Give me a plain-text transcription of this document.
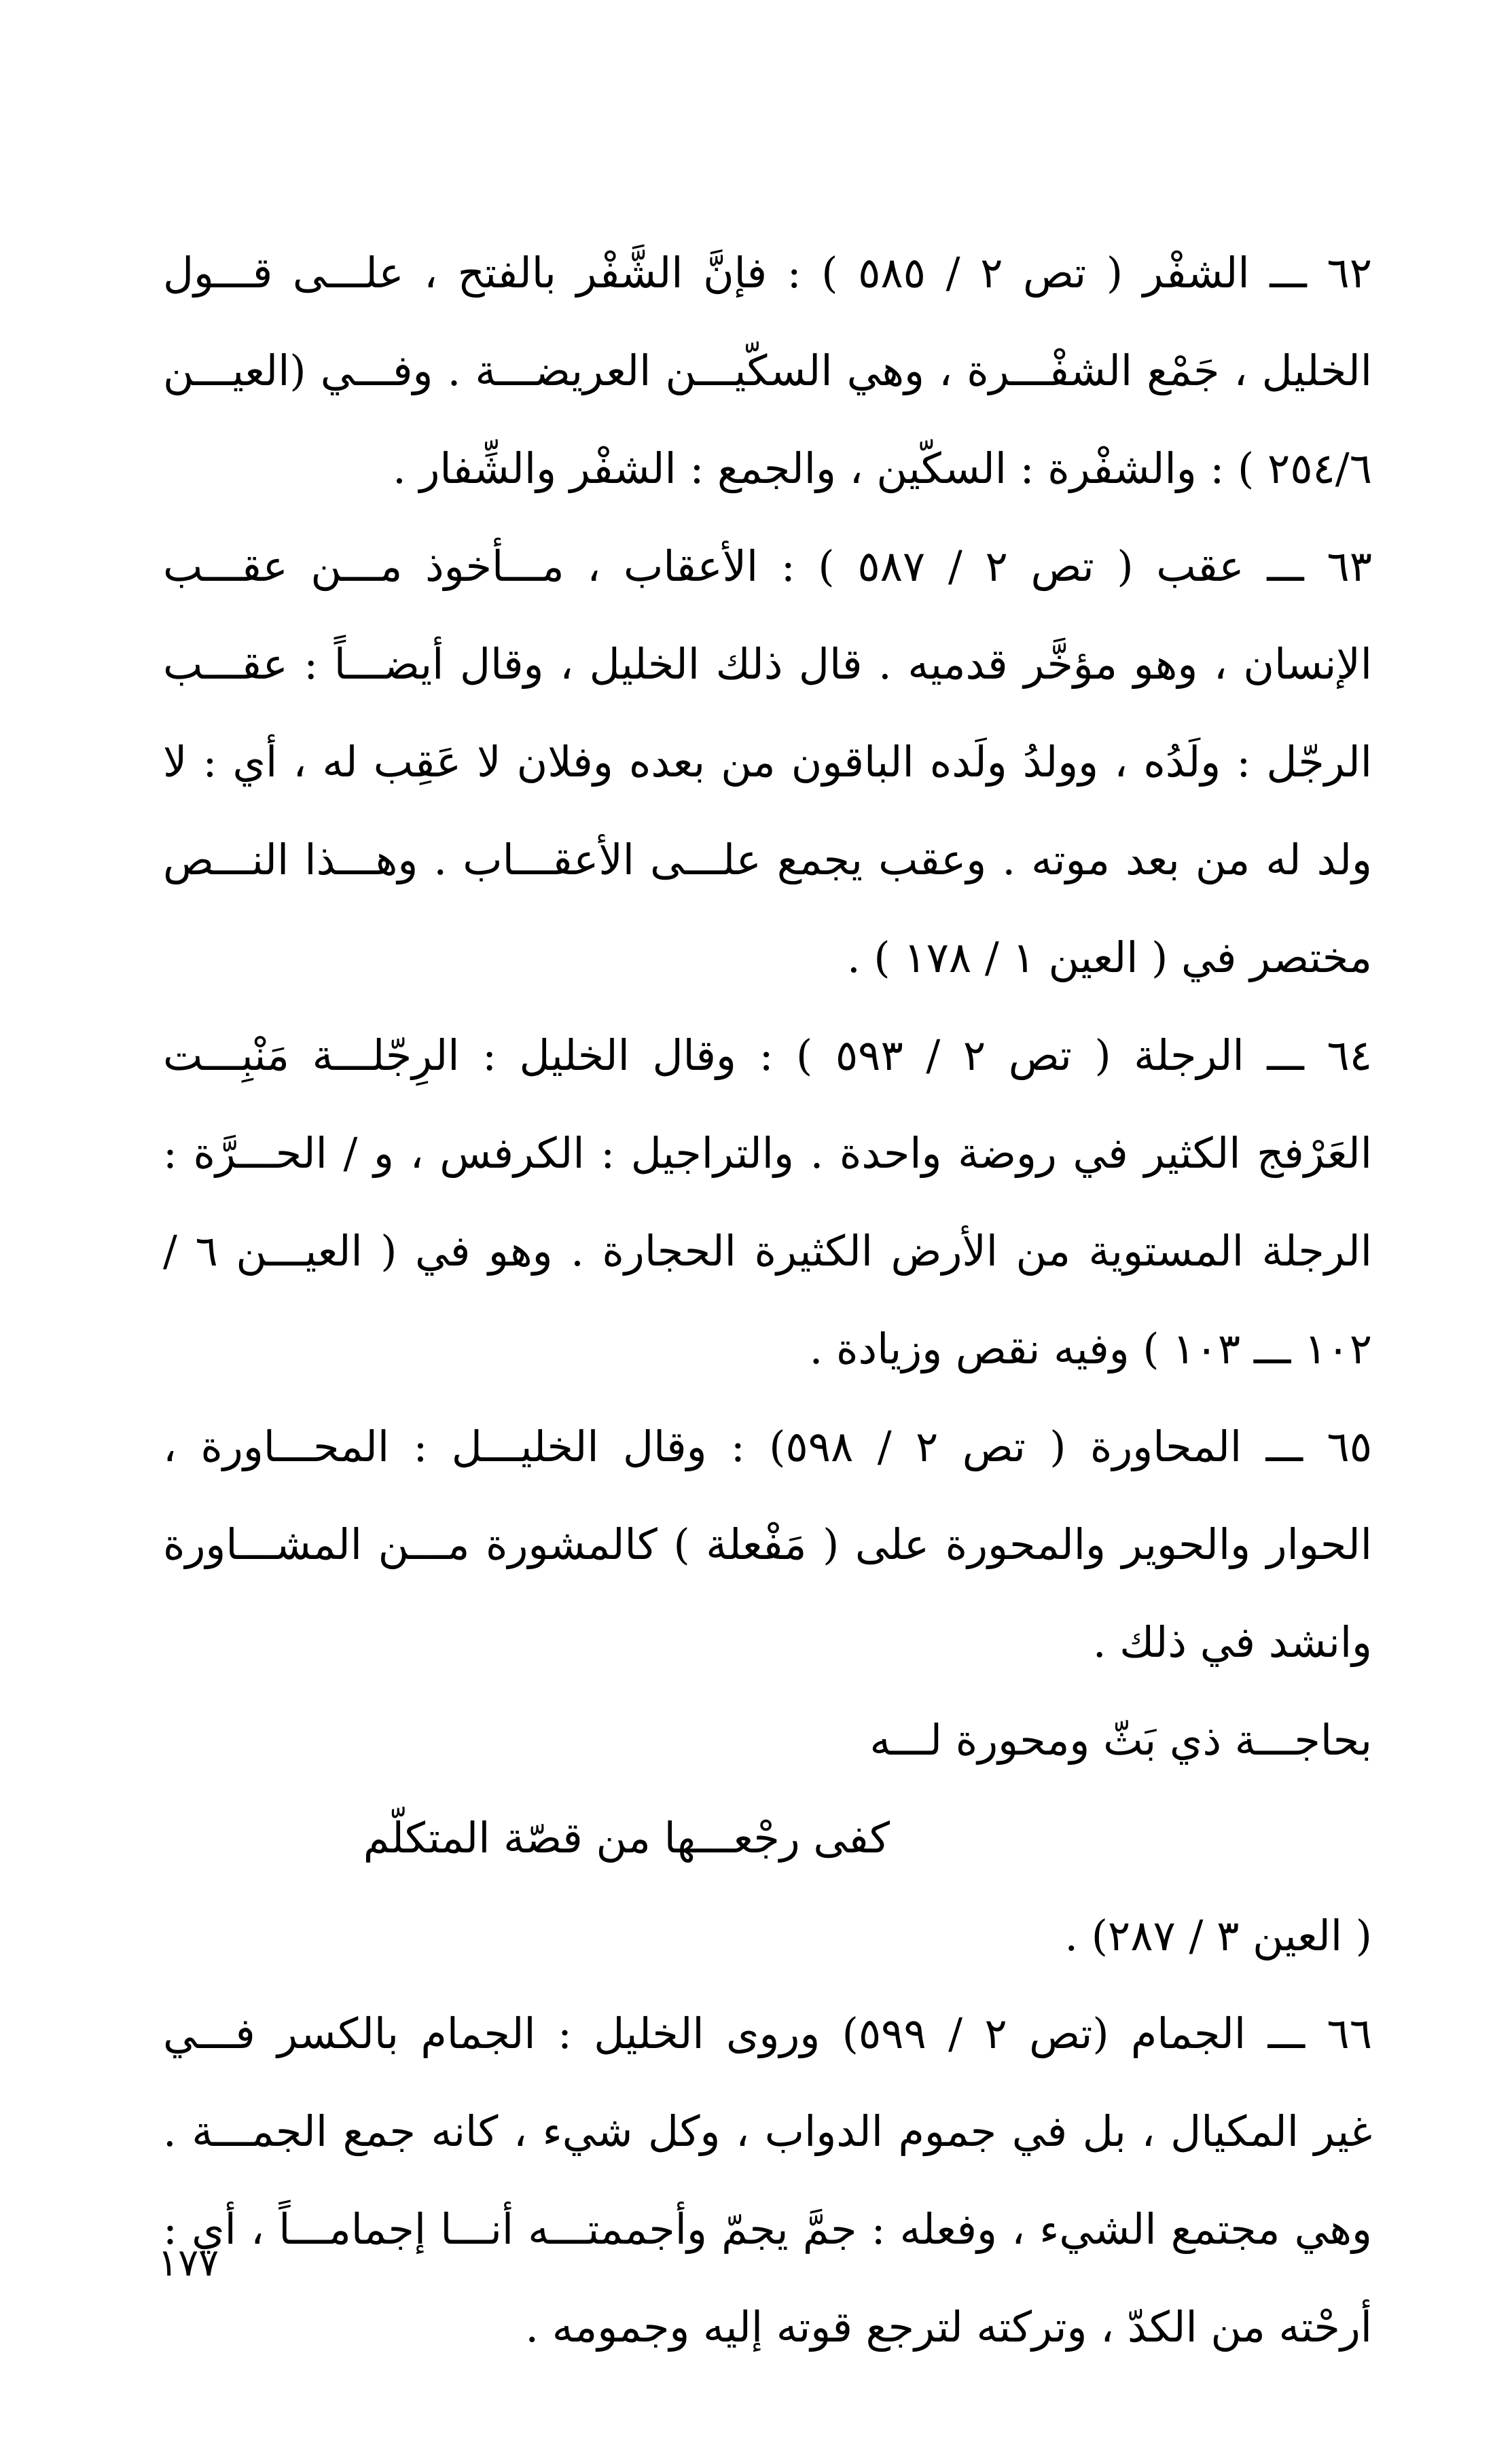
٦٢ ـــ الشفْر ( تص ٢ / ٥٨٥ ) : فإنَّ الشَّفْر بالفتح ، علـــى قـــول
الخليل ، جَمْع الشفْـــرة ، وهي السكّيـــن العريضـــة . وفـــي (العيـــن
٢٥٤/٦ ) : والشفْرة : السكّين ، والجمع : الشفْر والشِّفار .
٦٣ ـــ عقب ( تص ٢ / ٥٨٧ ) : الأعقاب ، مـــأخوذ مـــن عقـــب
الإنسان ، وهو مؤخَّر قدميه . قال ذلك الخليل ، وقال أيضـــاً : عقـــب
الرجّل : ولَدُه ، وولدُ ولَده الباقون من بعده وفلان لا عَقِب له ، أي : لا
ولد له من بعد موته . وعقب يجمع علـــى الأعقـــاب . وهـــذا النـــص
مختصر في ( العين ١ / ١٧٨ ) .
٦٤ ـــ الرجلة ( تص ٢ / ٥٩٣ ) : وقال الخليل : الرِجّلـــة مَنْبِـــت
العَرْفج الكثير في روضة واحدة . والتراجيل : الكرفس ، و / الحـــرَّة :
الرجلة المستوية من الأرض الكثيرة الحجارة . وهو في ( العيـــن ٦ /
١٠٢ ـــ ١٠٣ ) وفيه نقص وزيادة .
٦٥ ـــ المحاورة ( تص ٢ / ٥٩٨) : وقال الخليـــل : المحـــاورة ،
الحوار والحوير والمحورة على ( مَفْعلة ) كالمشورة مـــن المشـــاورة
وانشد في ذلك .
بحاجـــة ذي بَثّ ومحورة لـــه
كفى رجْعـــها من قصّة المتكلّم
( العين ٣ / ٢٨٧) .
٦٦ ـــ الجمام (تص ٢ / ٥٩٩) وروى الخليل : الجمام بالكسر فـــي
غير المكيال ، بل في جموم الدواب ، وكل شيء ، كانه جمع الجمـــة .
وهي مجتمع الشيء ، وفعله : جمَّ يجمّ وأجممتـــه أنـــا إجمامـــاً ، أي :
أرحْته من الكدّ ، وتركته لترجع قوته إليه وجمومه .
١٧٧
